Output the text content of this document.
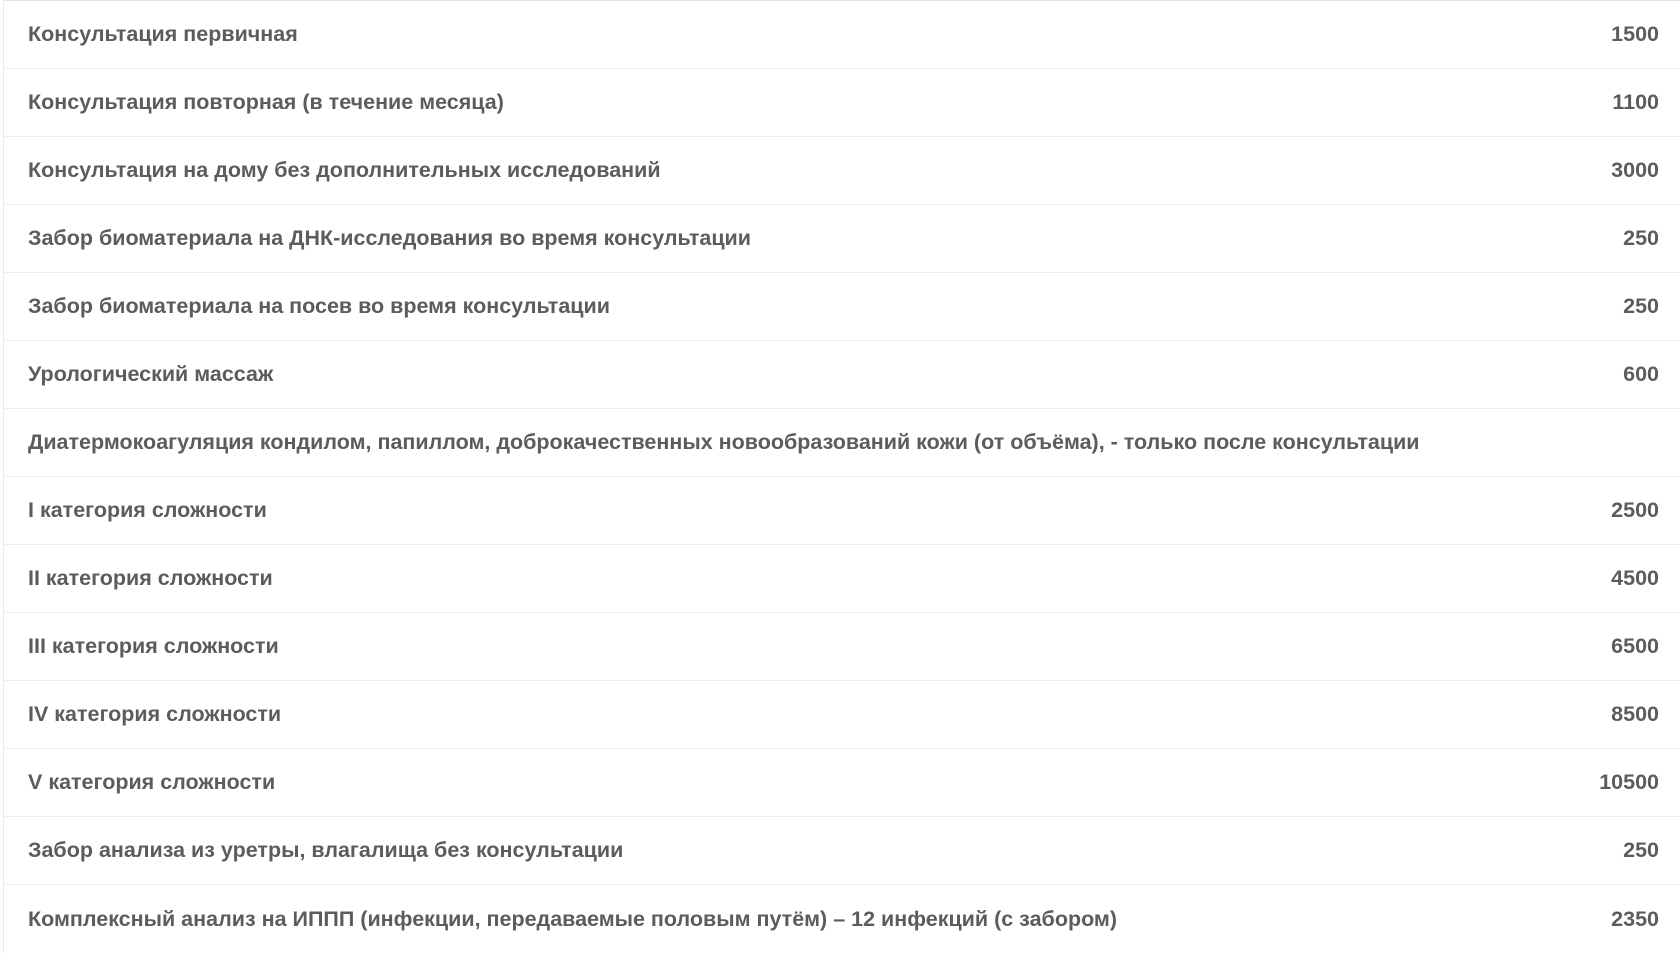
Консультация первичная	1500
Консультация повторная (в течение месяца)	1100
Консультация на дому без дополнительных исследований	3000
Забор биоматериала на ДНК-исследования во время консультации	250
Забор биоматериала на посев во время консультации	250
Урологический массаж	600
Диатермокоагуляция кондилом, папиллом, доброкачественных новообразований кожи (от объёма), - только после консультации
I категория сложности	2500
II категория сложности	4500
III категория сложности	6500
IV категория сложности	8500
V категория сложности	10500
Забор анализа из уретры, влагалища без консультации	250
Комплексный анализ на ИППП (инфекции, передаваемые половым путём) – 12 инфекций (с забором)	2350
